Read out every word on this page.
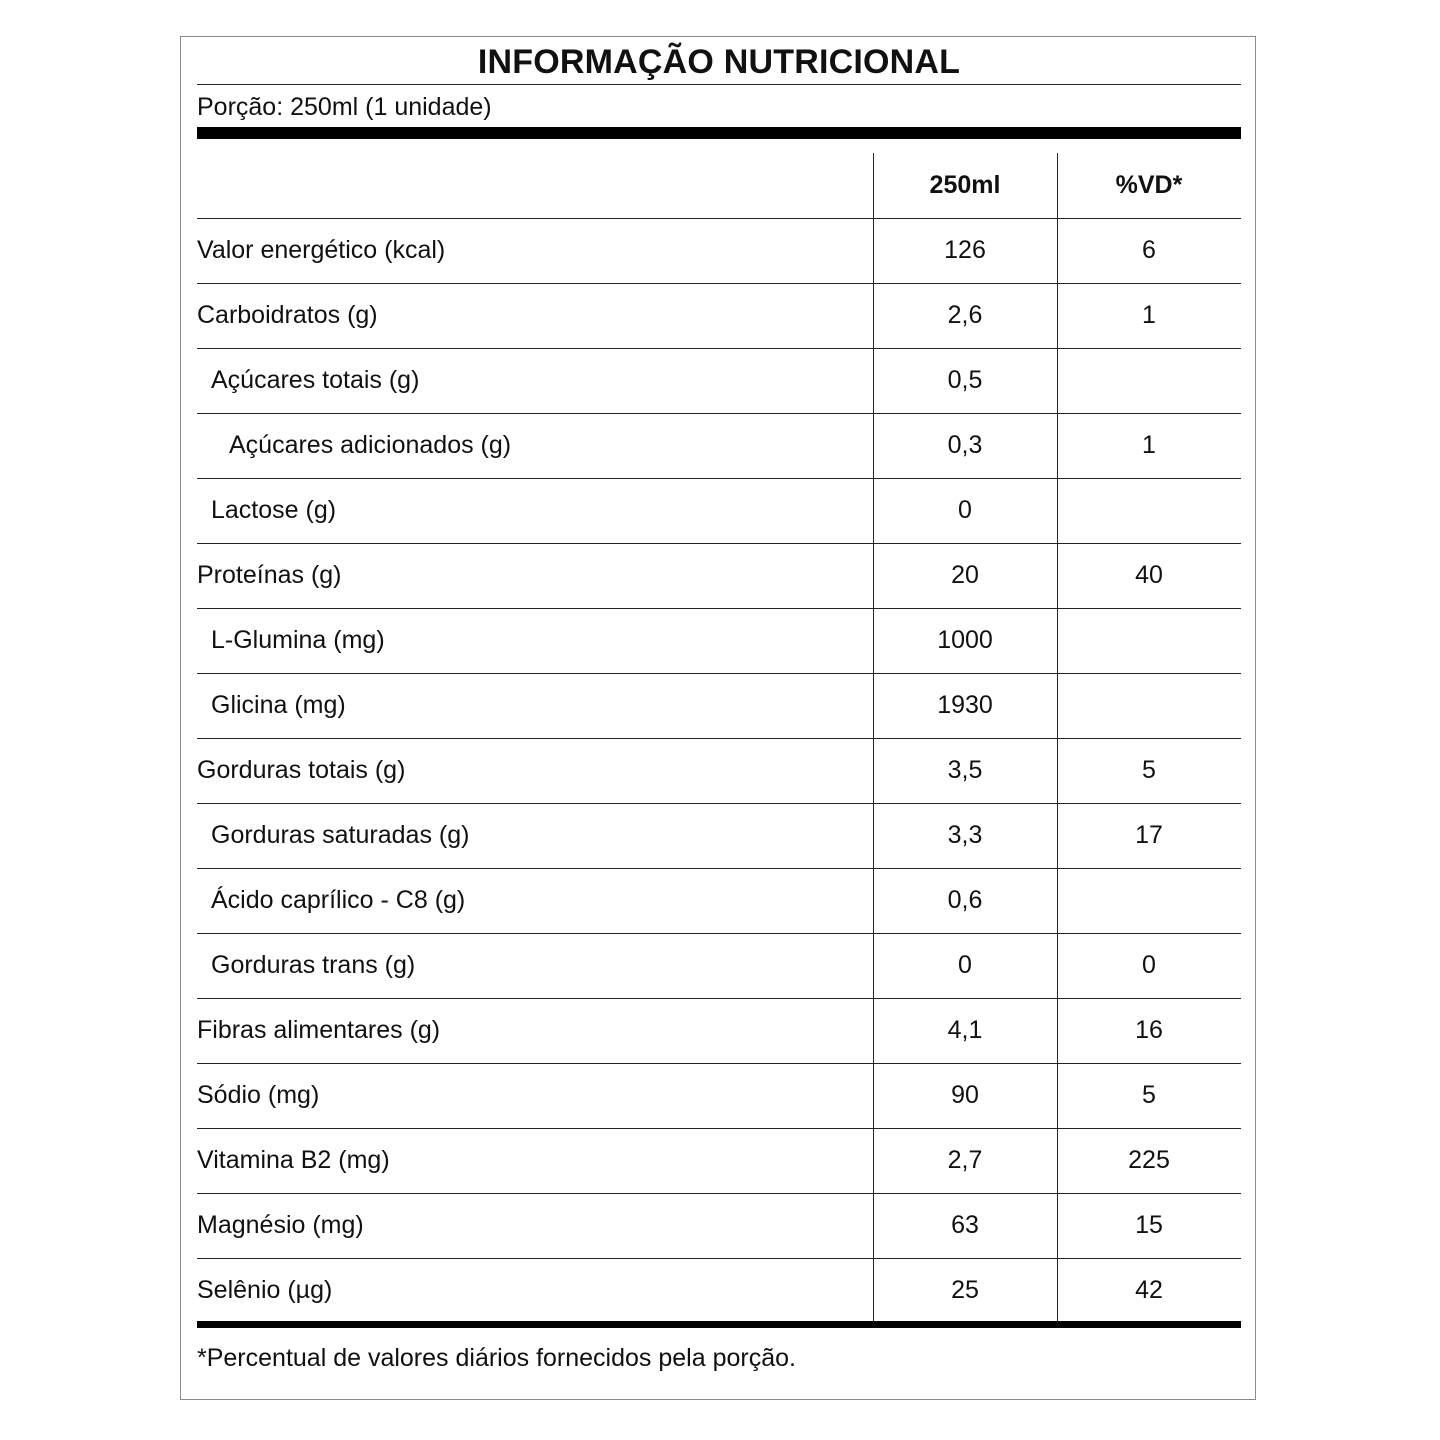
INFORMAÇÃO NUTRICIONAL
Porção: 250ml (1 unidade)
250ml	%VD*
Valor energético (kcal)	126	6
Carboidratos (g)	2,6	1
Açúcares totais (g)	0,5
Açúcares adicionados (g)	0,3	1
Lactose (g)	0
Proteínas (g)	20	40
L-Glumina (mg)	1000
Glicina (mg)	1930
Gorduras totais (g)	3,5	5
Gorduras saturadas (g)	3,3	17
Ácido caprílico - C8 (g)	0,6
Gorduras trans (g)	0	0
Fibras alimentares (g)	4,1	16
Sódio (mg)	90	5
Vitamina B2 (mg)	2,7	225
Magnésio (mg)	63	15
Selênio (µg)	25	42
*Percentual de valores diários fornecidos pela porção.
